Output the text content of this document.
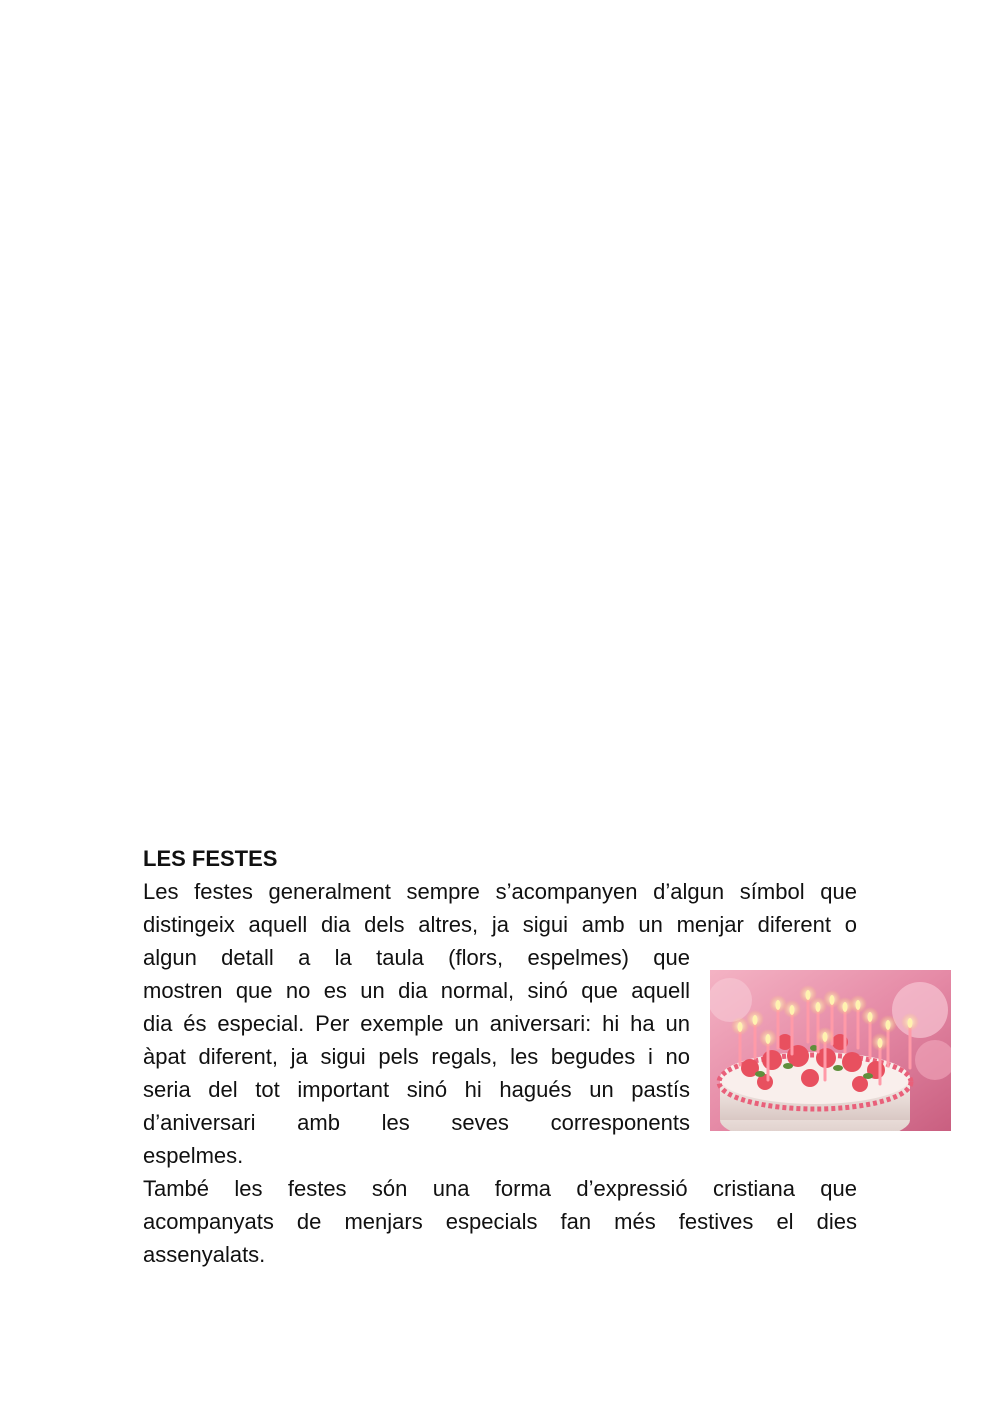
LES FESTES

Les festes generalment sempre s’acompanyen d’algun símbol que

distingeix aquell dia dels altres, ja sigui amb un menjar diferent o

algun detall a la taula (flors, espelmes) que

mostren que no es un dia normal, sinó que aquell

dia és especial. Per exemple un aniversari: hi ha un

àpat diferent, ja sigui pels regals, les begudes i no

seria del tot important sinó hi hagués un pastís

d’aniversari amb les seves corresponents

espelmes.

També les festes són una forma d’expressió cristiana que

acompanyats de menjars especials fan més festives el dies

assenyalats.
